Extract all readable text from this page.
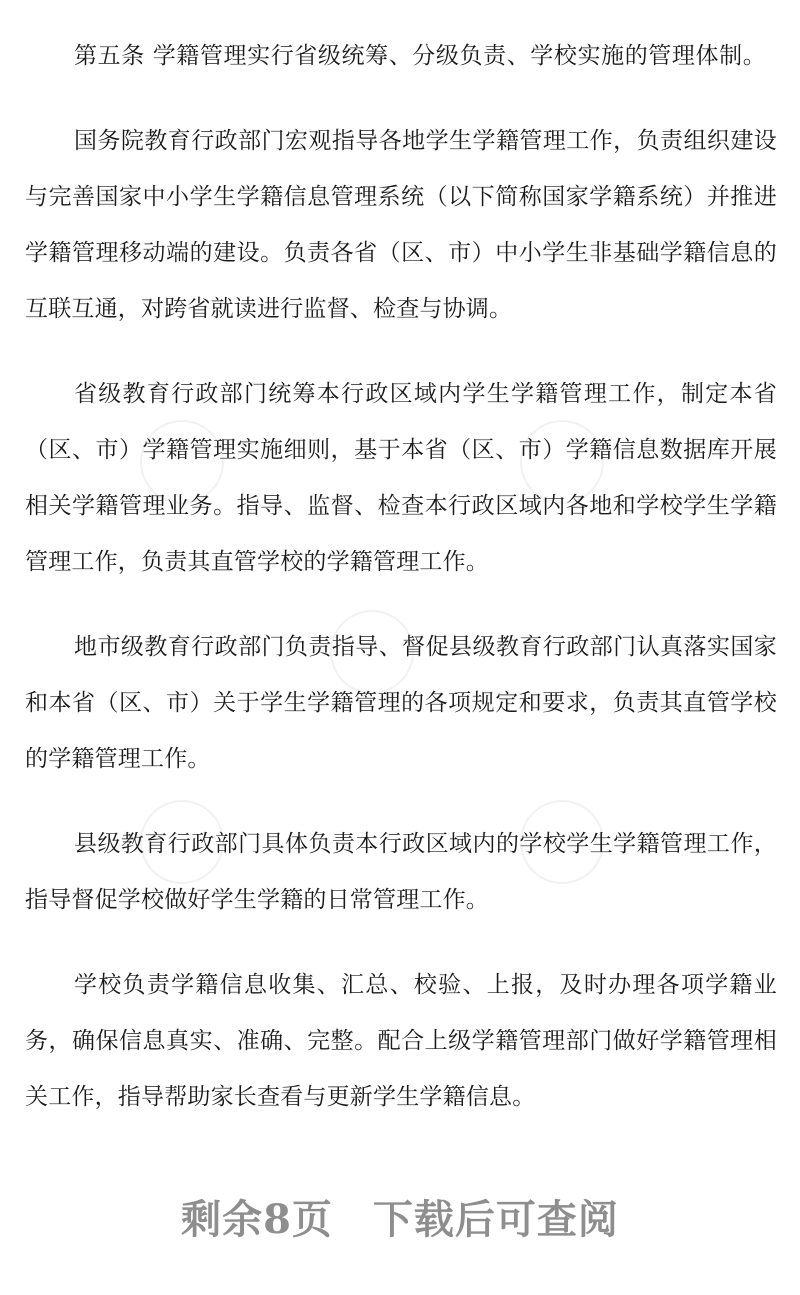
第五条 学籍管理实行省级统筹、分级负责、学校实施的管理体制。

国务院教育行政部门宏观指导各地学生学籍管理工作，负责组织建设与完善国家中小学生学籍信息管理系统（以下简称国家学籍系统）并推进学籍管理移动端的建设。负责各省（区、市）中小学生非基础学籍信息的互联互通，对跨省就读进行监督、检查与协调。

省级教育行政部门统筹本行政区域内学生学籍管理工作，制定本省（区、市）学籍管理实施细则，基于本省（区、市）学籍信息数据库开展相关学籍管理业务。指导、监督、检查本行政区域内各地和学校学生学籍管理工作，负责其直管学校的学籍管理工作。

地市级教育行政部门负责指导、督促县级教育行政部门认真落实国家和本省（区、市）关于学生学籍管理的各项规定和要求，负责其直管学校的学籍管理工作。

县级教育行政部门具体负责本行政区域内的学校学生学籍管理工作，指导督促学校做好学生学籍的日常管理工作。

学校负责学籍信息收集、汇总、校验、上报，及时办理各项学籍业务，确保信息真实、准确、完整。配合上级学籍管理部门做好学籍管理相关工作，指导帮助家长查看与更新学生学籍信息。

剩余8页 下载后可查阅
